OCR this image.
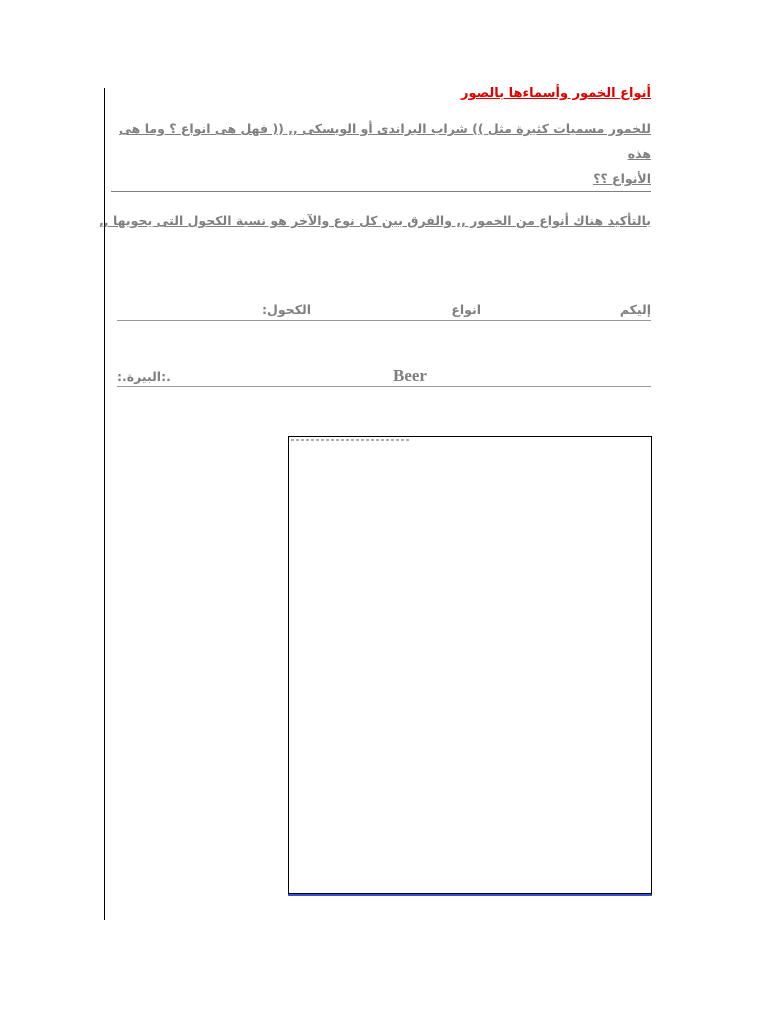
أنواع الخمور وأسماءها بالصور
للخمور مسميات كثيرة مثل )) شراب البراندى أو الويسكى ,, (( فهل هى انواع ؟ وما هى هذه
الأنواع ؟؟
بالتأكيد هناك أنواع من الخمور ,, والفرق بين كل نوع والآخر هو نسبة الكحول التى يحويها ,,
إليكم
انواع
الكحول:
.:البيرة.:	Beer
